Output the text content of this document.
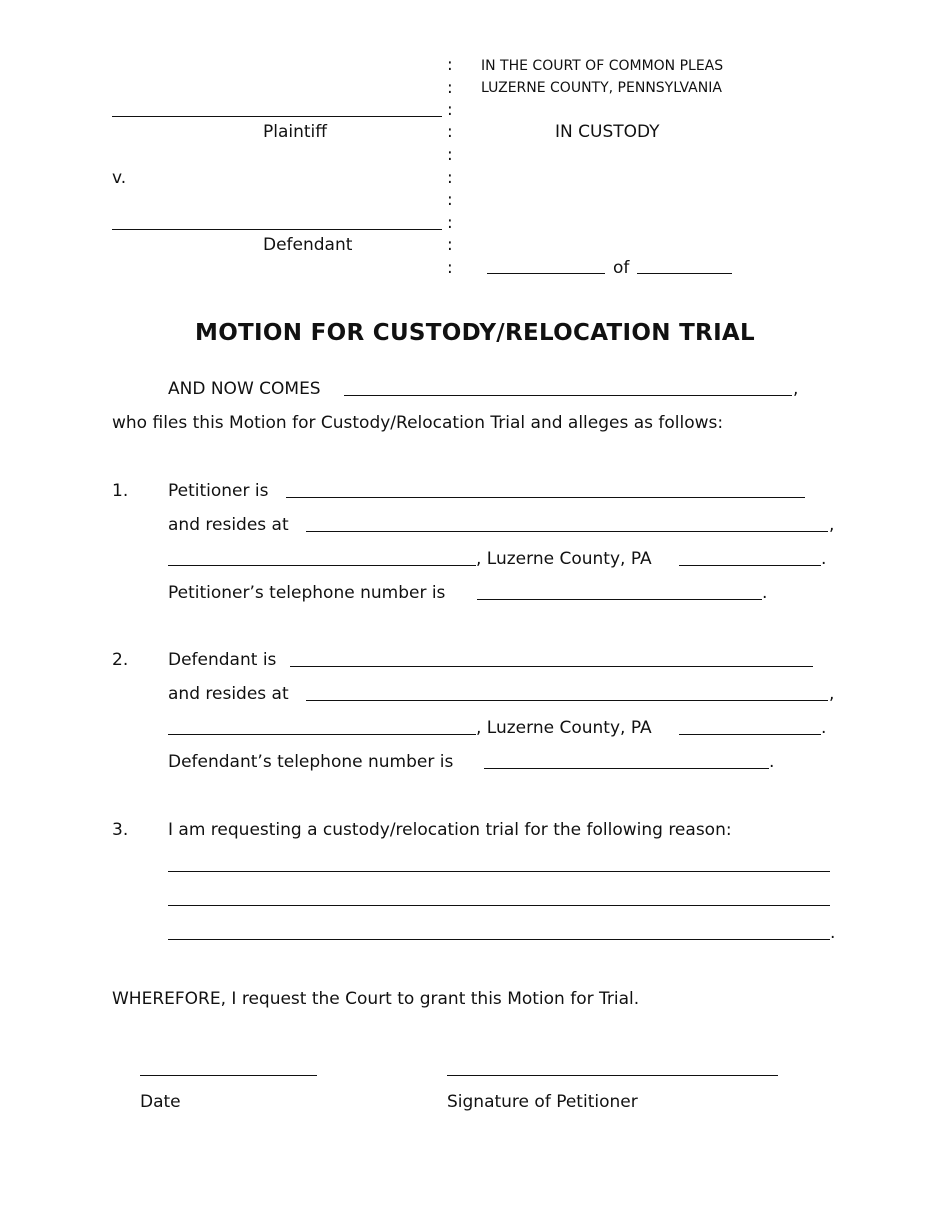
IN THE COURT OF COMMON PLEAS
LUZERNE COUNTY, PENNSYLVANIA
:
:
:
:
:
:
:
:
:
:
Plaintiff	IN CUSTODY
v.
Defendant
of
MOTION FOR CUSTODY/RELOCATION TRIAL
AND NOW COMES	,
who files this Motion for Custody/Relocation Trial and alleges as follows:
1. Petitioner is
and resides at	,
, Luzerne County, PA	.
Petitioner’s telephone number is	.
2. Defendant is
and resides at	,
, Luzerne County, PA	.
Defendant’s telephone number is	.
3. I am requesting a custody/relocation trial for the following reason:
.
WHEREFORE, I request the Court to grant this Motion for Trial.
Date	Signature of Petitioner
